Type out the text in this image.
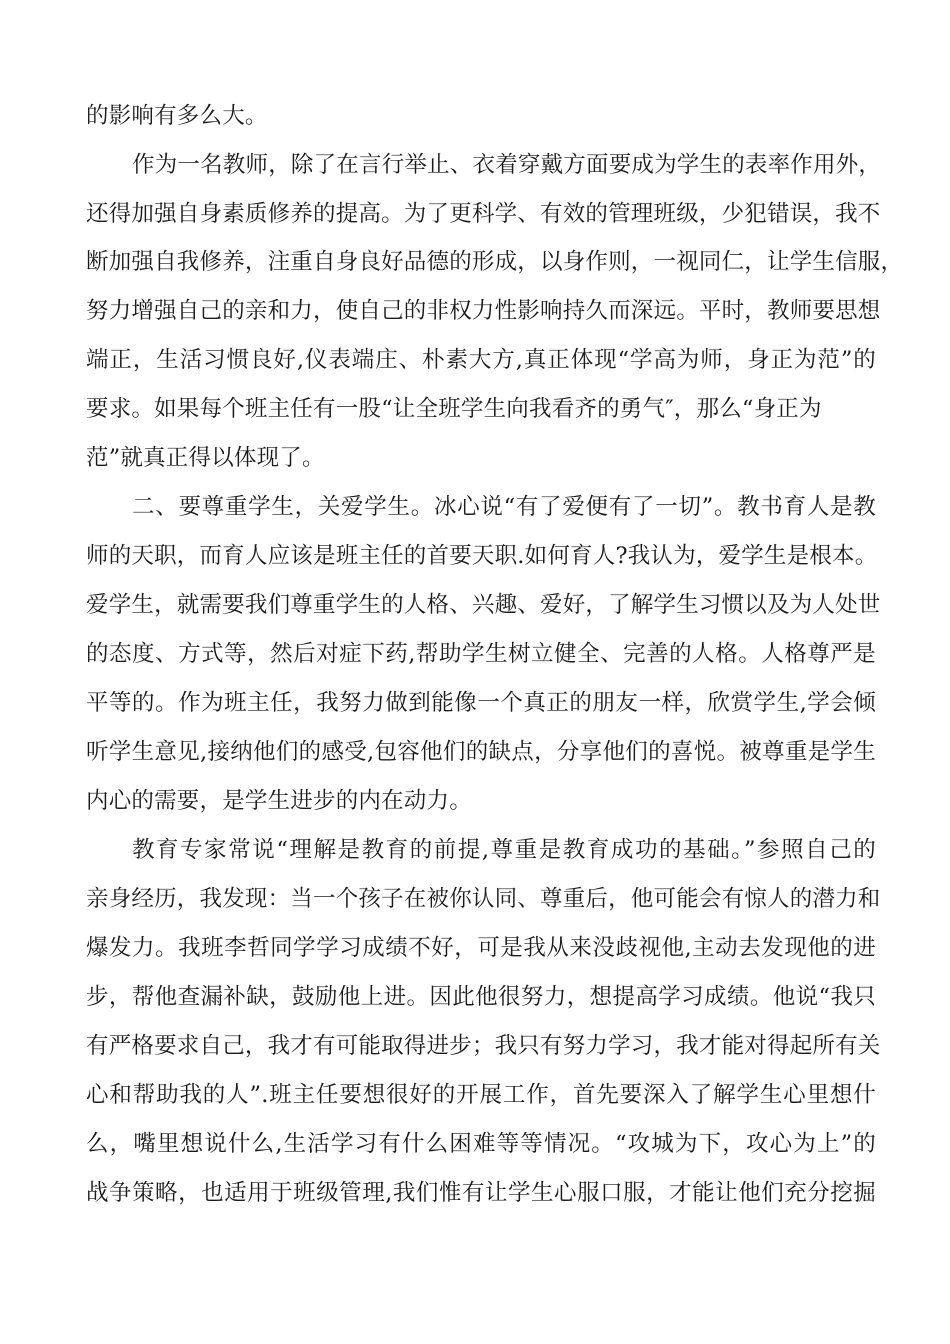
的影响有多么大。

作为一名教师，除了在言行举止、衣着穿戴方面要成为学生的表率作用外，

还得加强自身素质修养的提高。为了更科学、有效的管理班级，少犯错误，我不

断加强自我修养，注重自身良好品德的形成，以身作则，一视同仁，让学生信服，

努力增强自己的亲和力，使自己的非权力性影响持久而深远。平时，教师要思想

端正，生活习惯良好,仪表端庄、朴素大方,真正体现“学高为师，身正为范”的

要求。如果每个班主任有一股“让全班学生向我看齐的勇气″，那么“身正为

范”就真正得以体现了。

二、要尊重学生，关爱学生。冰心说“有了爱便有了一切”。教书育人是教

师的天职，而育人应该是班主任的首要天职.如何育人?我认为，爱学生是根本。

爱学生，就需要我们尊重学生的人格、兴趣、爱好，了解学生习惯以及为人处世

的态度、方式等，然后对症下药,帮助学生树立健全、完善的人格。人格尊严是

平等的。作为班主任，我努力做到能像一个真正的朋友一样，欣赏学生,学会倾

听学生意见,接纳他们的感受,包容他们的缺点，分享他们的喜悦。被尊重是学生

内心的需要，是学生进步的内在动力。

教育专家常说“理解是教育的前提,尊重是教育成功的基础。”参照自己的

亲身经历，我发现：当一个孩子在被你认同、尊重后，他可能会有惊人的潜力和

爆发力。我班李哲同学学习成绩不好，可是我从来没歧视他,主动去发现他的进

步，帮他查漏补缺，鼓励他上进。因此他很努力，想提高学习成绩。他说“我只

有严格要求自己，我才有可能取得进步；我只有努力学习，我才能对得起所有关

心和帮助我的人”.班主任要想很好的开展工作，首先要深入了解学生心里想什

么，嘴里想说什么,生活学习有什么困难等等情况。“攻城为下，攻心为上”的

战争策略，也适用于班级管理,我们惟有让学生心服口服，才能让他们充分挖掘
